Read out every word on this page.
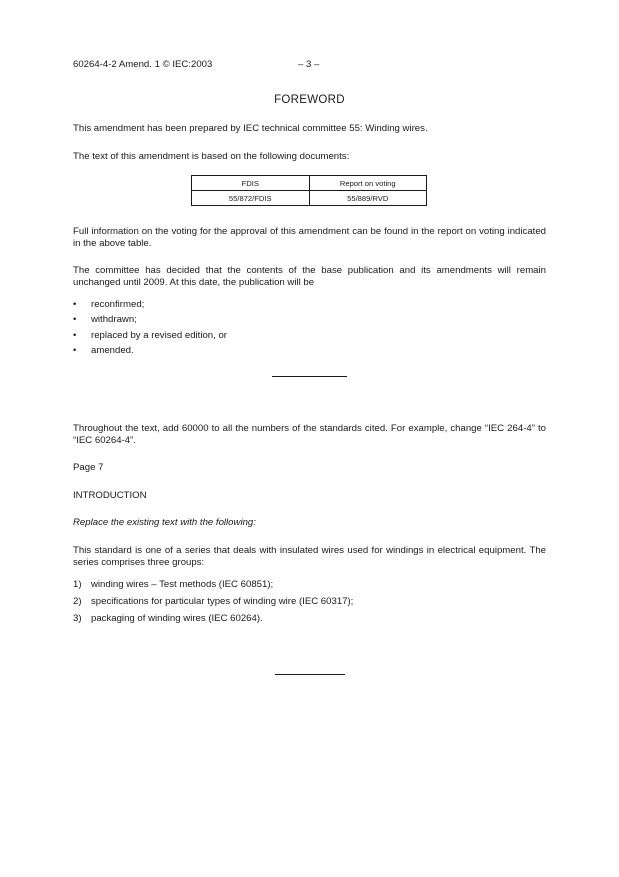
60264-4-2 Amend. 1 © IEC:2003	– 3 –
FOREWORD
This amendment has been prepared by IEC technical committee 55: Winding wires.
The text of this amendment is based on the following documents:
FDIS	Report on voting
55/872/FDIS	55/889/RVD
Full information on the voting for the approval of this amendment can be found in the report on voting indicated in the above table.
The committee has decided that the contents of the base publication and its amendments will remain unchanged until 2009. At this date, the publication will be
• reconfirmed;
• withdrawn;
• replaced by a revised edition, or
• amended.
Throughout the text, add 60000 to all the numbers of the standards cited. For example, change “IEC 264-4” to “IEC 60264-4”.
Page 7
INTRODUCTION
Replace the existing text with the following:
This standard is one of a series that deals with insulated wires used for windings in electrical equipment. The series comprises three groups:
1) winding wires – Test methods (IEC 60851);
2) specifications for particular types of winding wire (IEC 60317);
3) packaging of winding wires (IEC 60264).
